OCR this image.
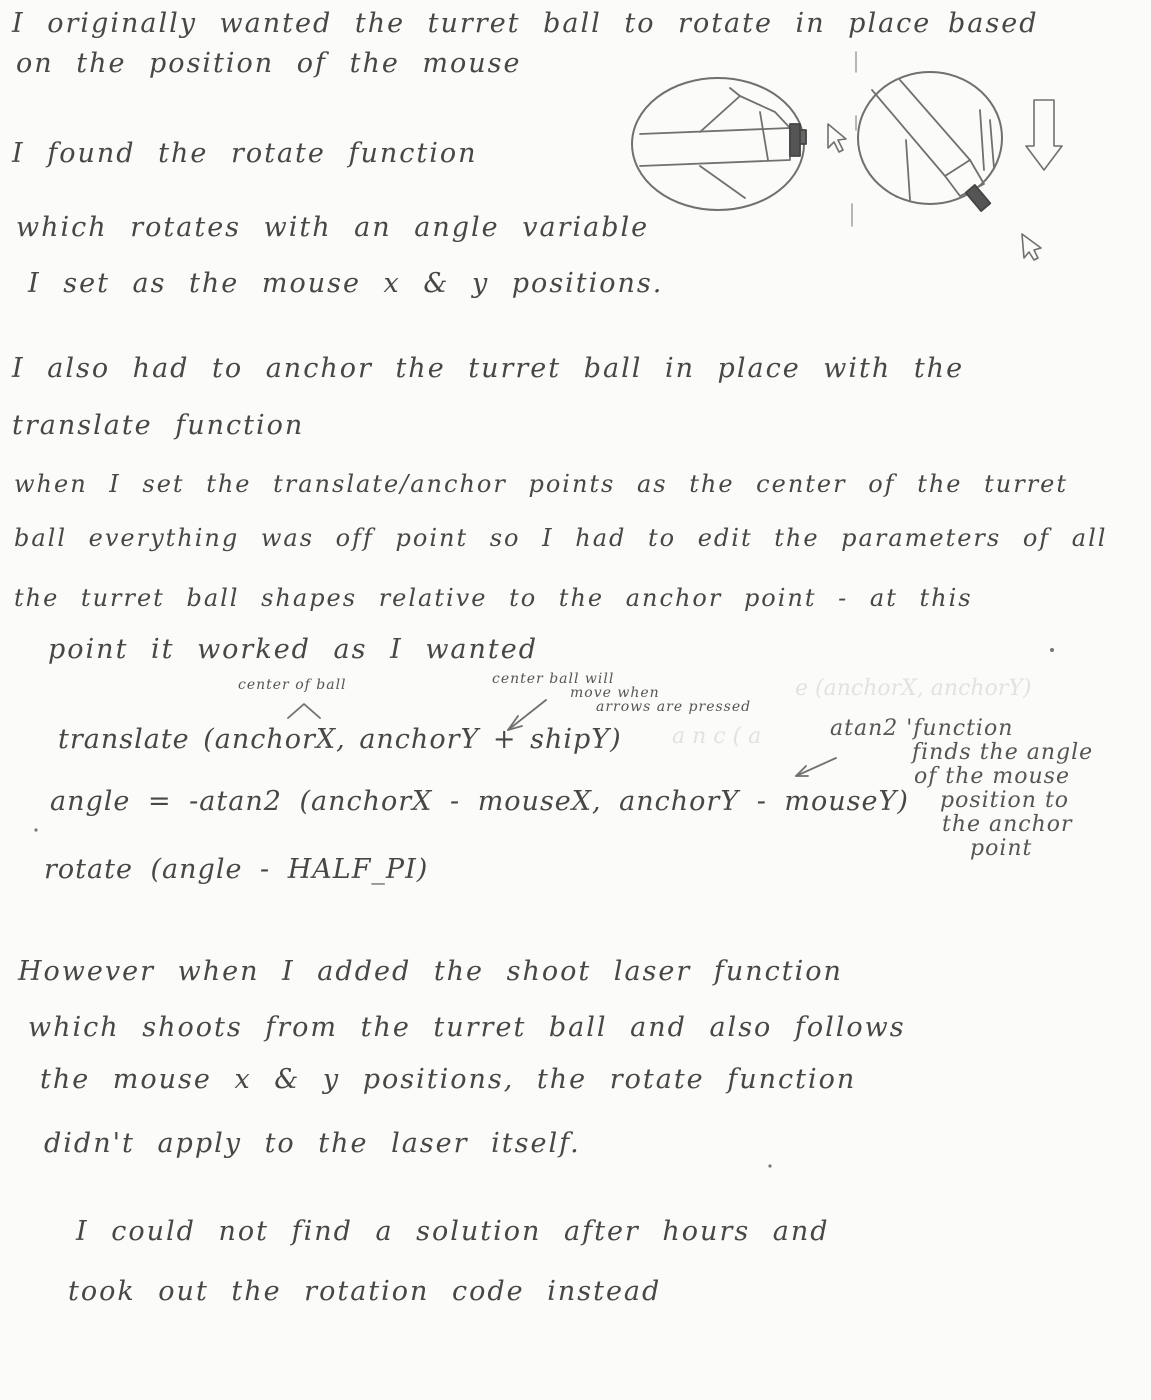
e (anchorX, anchorY)
a n c ( a
I originally wanted the turret ball to rotate in place based
on the position of the mouse
I found the rotate function
which rotates with an angle variable
I set as the mouse x & y positions.
I also had to anchor the turret ball in place with the
translate function
when I set the translate/anchor points as the center of the turret
ball everything was off point so I had to edit the parameters of all
the turret ball shapes relative to the anchor point - at this
point it worked as I wanted
center of ball	center ball will
move when
arrows are pressed
translate (anchorX, anchorY + shipY)
angle = -atan2 (anchorX - mouseX, anchorY - mouseY)
rotate (angle - HALF_PI)
atan2 'function
finds the angle
of the mouse
position to
the anchor
point
However when I added the shoot laser function
which shoots from the turret ball and also follows
the mouse x & y positions, the rotate function
didn't apply to the laser itself.
I could not find a solution after hours and
took out the rotation code instead
